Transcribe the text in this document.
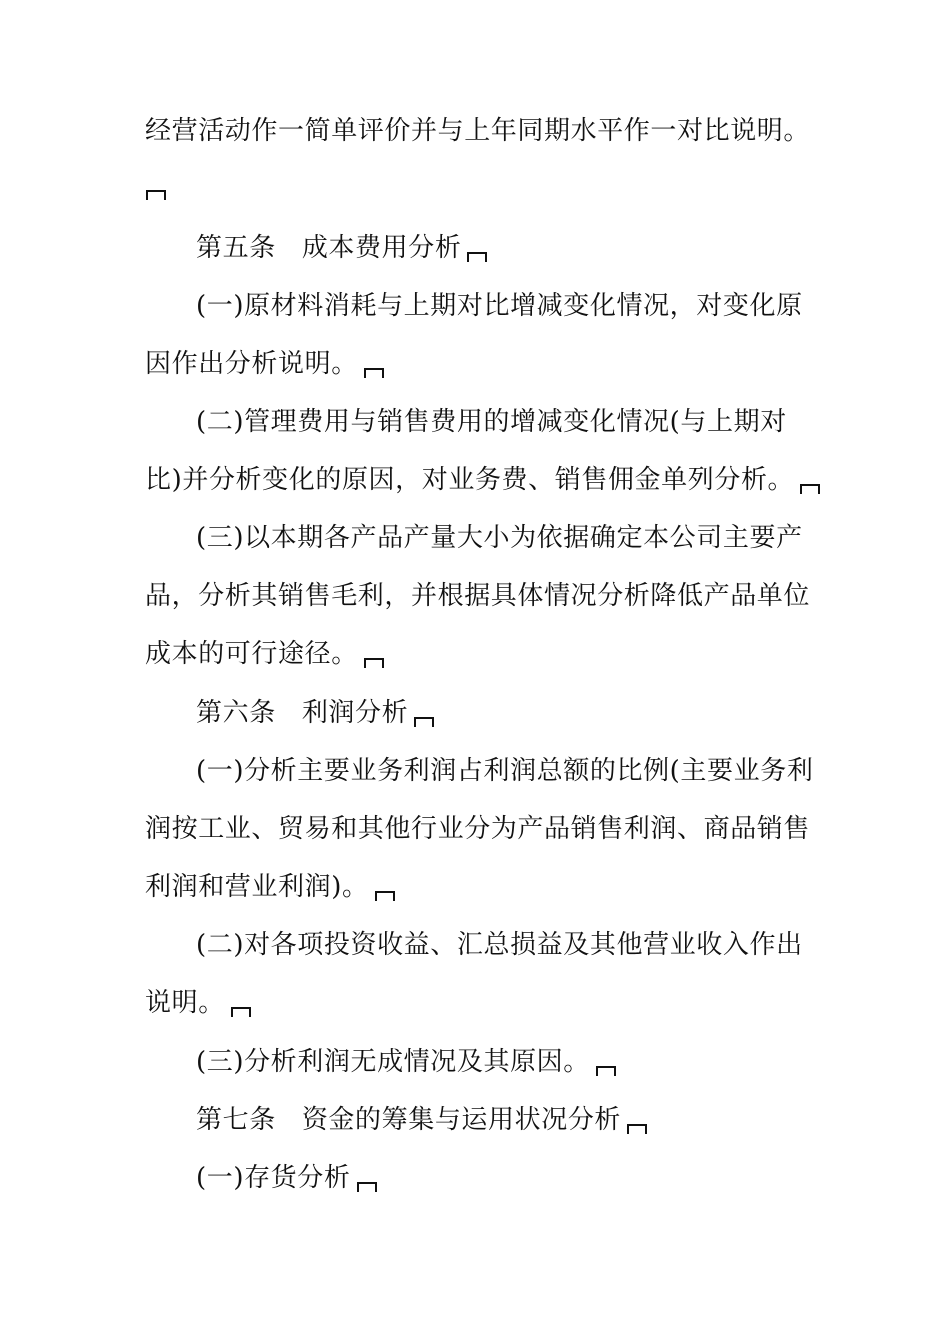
经营活动作一简单评价并与上年同期水平作一对比说明。
第五条 成本费用分析
(一)原材料消耗与上期对比增减变化情况，对变化原
因作出分析说明。
(二)管理费用与销售费用的增减变化情况(与上期对
比)并分析变化的原因，对业务费、销售佣金单列分析。
(三)以本期各产品产量大小为依据确定本公司主要产
品，分析其销售毛利，并根据具体情况分析降低产品单位
成本的可行途径。
第六条 利润分析
(一)分析主要业务利润占利润总额的比例(主要业务利
润按工业、贸易和其他行业分为产品销售利润、商品销售
利润和营业利润)。
(二)对各项投资收益、汇总损益及其他营业收入作出
说明。
(三)分析利润无成情况及其原因。
第七条 资金的筹集与运用状况分析
(一)存货分析
